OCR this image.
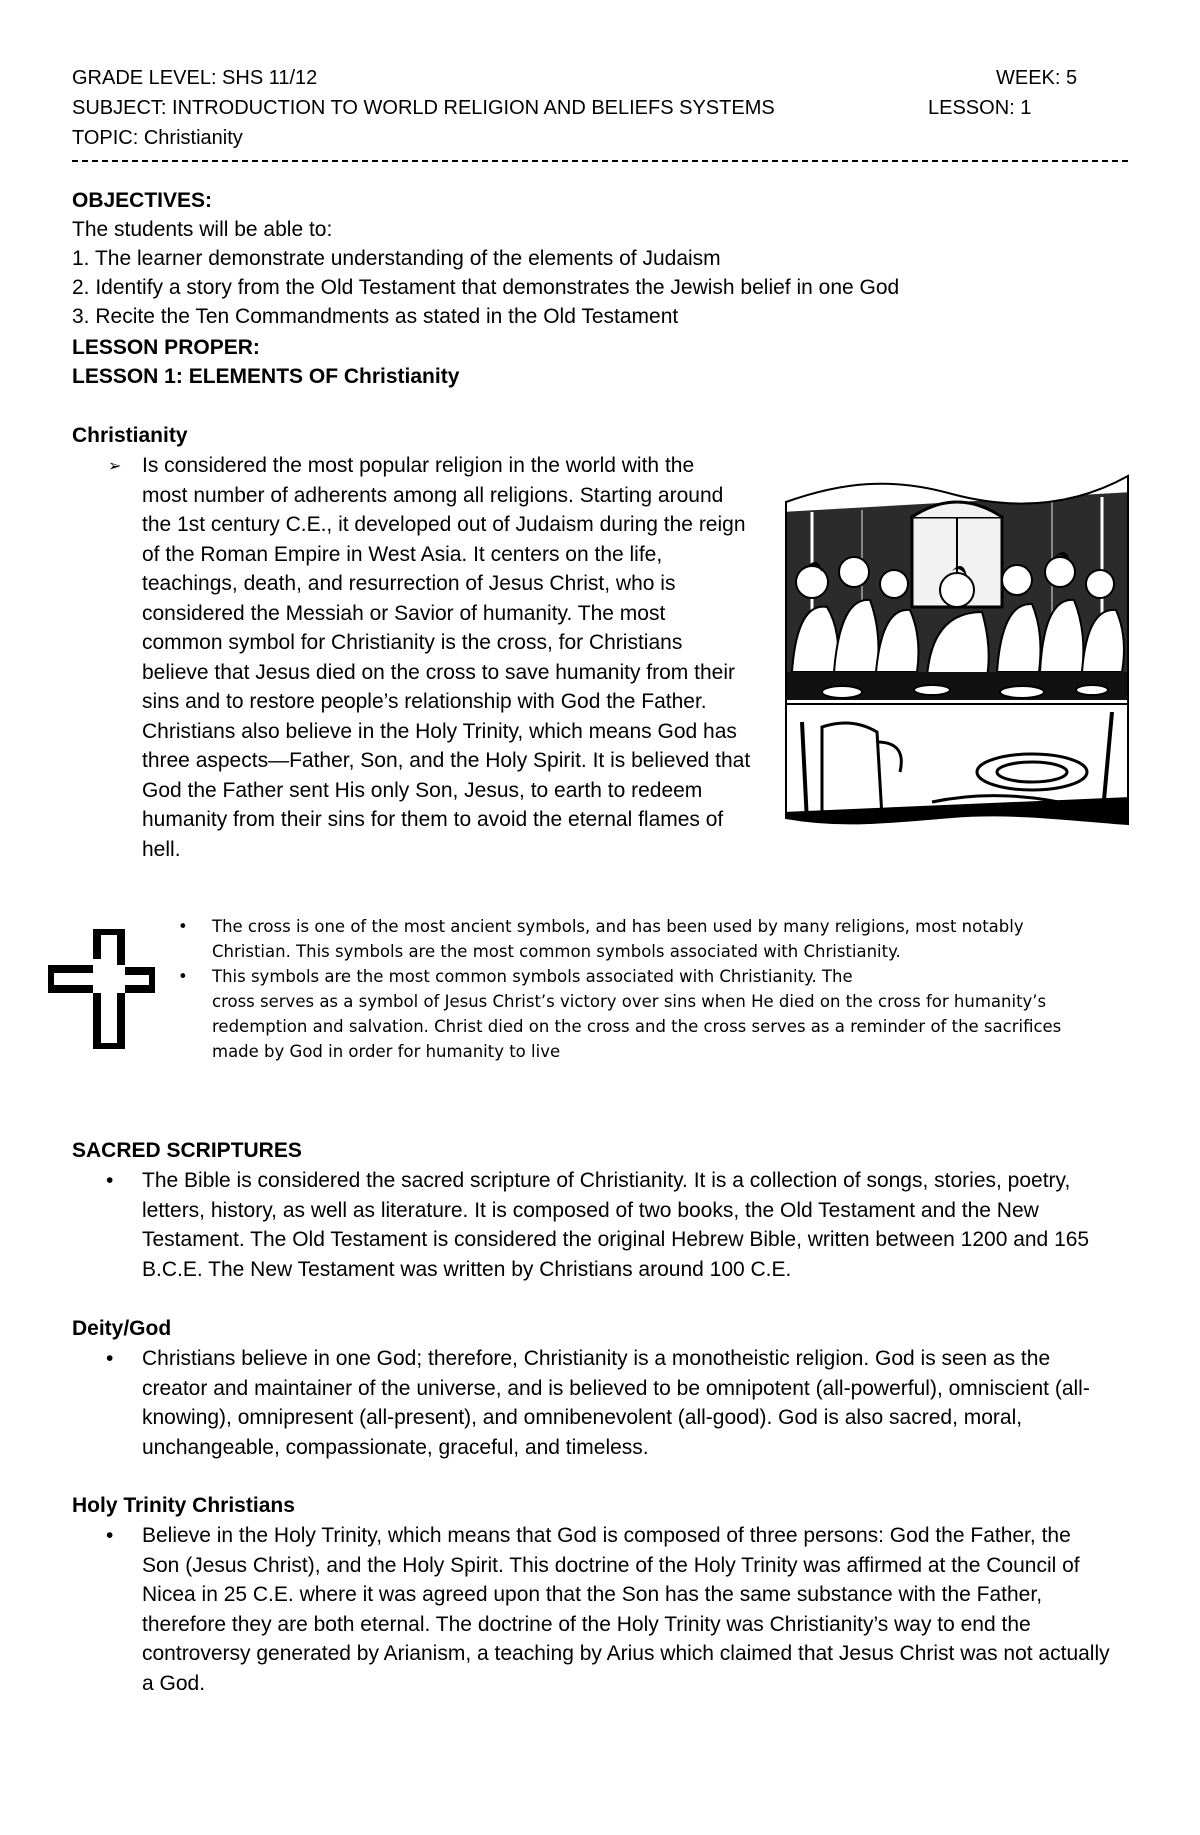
GRADE LEVEL: SHS 11/12	WEEK: 5
SUBJECT: INTRODUCTION TO WORLD RELIGION AND BELIEFS SYSTEMS	LESSON: 1
TOPIC: Christianity
OBJECTIVES:
The students will be able to:
1. The learner demonstrate understanding of the elements of Judaism
2. Identify a story from the Old Testament that demonstrates the Jewish belief in one God
3. Recite the Ten Commandments as stated in the Old Testament
LESSON PROPER:
LESSON 1: ELEMENTS OF Christianity
Christianity
➢ Is considered the most popular religion in the world with the
most number of adherents among all religions. Starting around
the 1st century C.E., it developed out of Judaism during the reign
of the Roman Empire in West Asia. It centers on the life,
teachings, death, and resurrection of Jesus Christ, who is
considered the Messiah or Savior of humanity. The most
common symbol for Christianity is the cross, for Christians
believe that Jesus died on the cross to save humanity from their
sins and to restore people’s relationship with God the Father.
Christians also believe in the Holy Trinity, which means God has
three aspects—Father, Son, and the Holy Spirit. It is believed that
God the Father sent His only Son, Jesus, to earth to redeem
humanity from their sins for them to avoid the eternal flames of
hell.
• The cross is one of the most ancient symbols, and has been used by many religions, most notably
Christian. This symbols are the most common symbols associated with Christianity.
• This symbols are the most common symbols associated with Christianity. The
cross serves as a symbol of Jesus Christ’s victory over sins when He died on the cross for humanity’s
redemption and salvation. Christ died on the cross and the cross serves as a reminder of the sacrifices
made by God in order for humanity to live
SACRED SCRIPTURES
• The Bible is considered the sacred scripture of Christianity. It is a collection of songs, stories, poetry,
letters, history, as well as literature. It is composed of two books, the Old Testament and the New
Testament. The Old Testament is considered the original Hebrew Bible, written between 1200 and 165
B.C.E. The New Testament was written by Christians around 100 C.E.
Deity/God
• Christians believe in one God; therefore, Christianity is a monotheistic religion. God is seen as the
creator and maintainer of the universe, and is believed to be omnipotent (all-powerful), omniscient (all-
knowing), omnipresent (all-present), and omnibenevolent (all-good). God is also sacred, moral,
unchangeable, compassionate, graceful, and timeless.
Holy Trinity Christians
• Believe in the Holy Trinity, which means that God is composed of three persons: God the Father, the
Son (Jesus Christ), and the Holy Spirit. This doctrine of the Holy Trinity was affirmed at the Council of
Nicea in 25 C.E. where it was agreed upon that the Son has the same substance with the Father,
therefore they are both eternal. The doctrine of the Holy Trinity was Christianity’s way to end the
controversy generated by Arianism, a teaching by Arius which claimed that Jesus Christ was not actually
a God.
